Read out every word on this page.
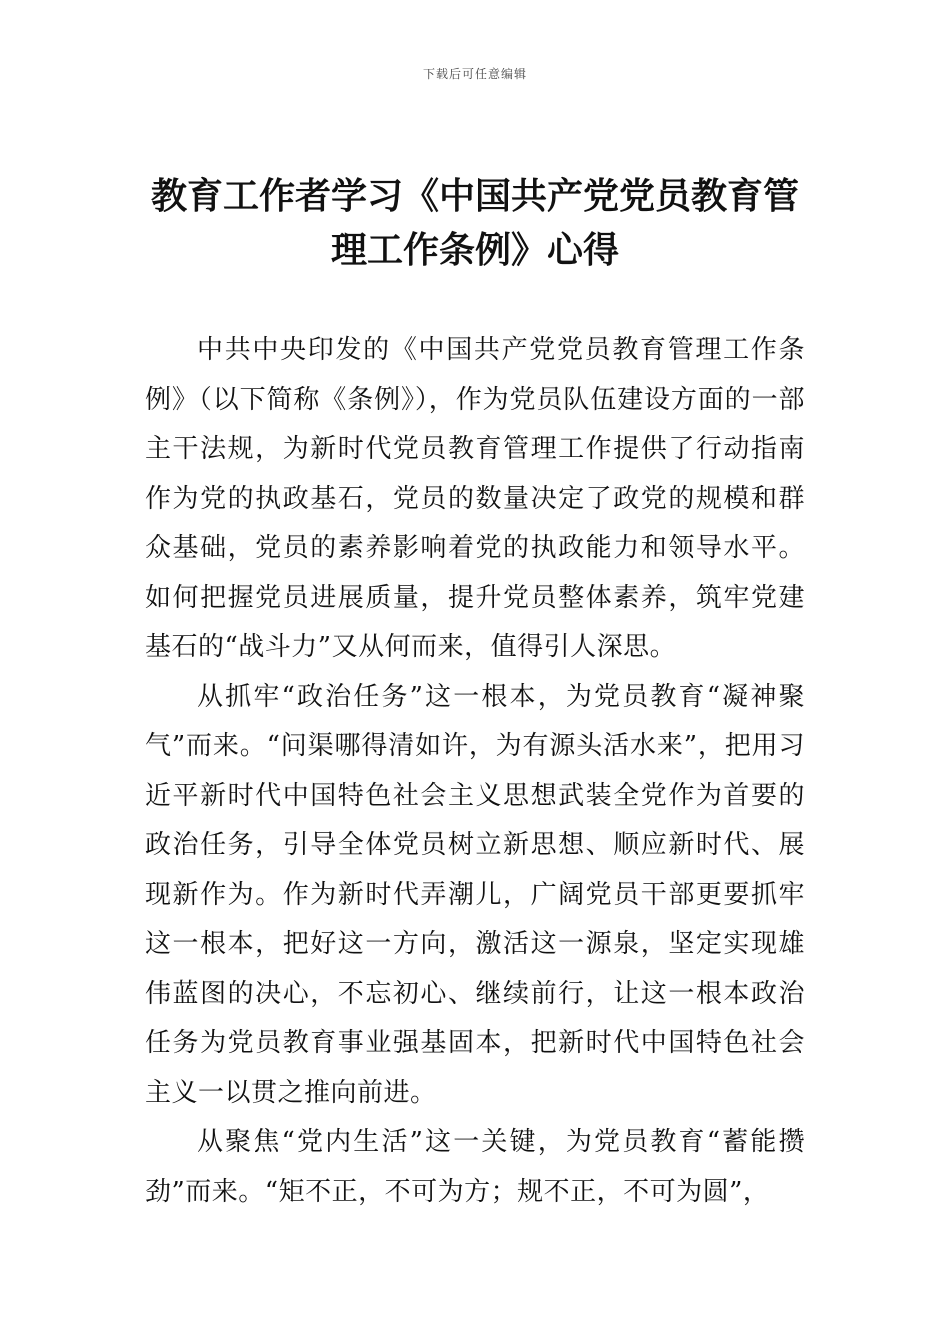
下载后可任意编辑
教育工作者学习《中国共产党党员教育管理工作条例》心得

中共中央印发的《中国共产党党员教育管理工作条例》（以下简称《条例》），作为党员队伍建设方面的一部主干法规，为新时代党员教育管理工作提供了行动指南作为党的执政基石，党员的数量决定了政党的规模和群众基础，党员的素养影响着党的执政能力和领导水平。如何把握党员进展质量，提升党员整体素养，筑牢党建基石的“战斗力”又从何而来，值得引人深思。

从抓牢“政治任务”这一根本，为党员教育“凝神聚气”而来。“问渠哪得清如许，为有源头活水来”，把用习近平新时代中国特色社会主义思想武装全党作为首要的政治任务，引导全体党员树立新思想、顺应新时代、展现新作为。作为新时代弄潮儿，广阔党员干部更要抓牢这一根本，把好这一方向，激活这一源泉，坚定实现雄伟蓝图的决心，不忘初心、继续前行，让这一根本政治任务为党员教育事业强基固本，把新时代中国特色社会主义一以贯之推向前进。

从聚焦“党内生活”这一关键，为党员教育“蓄能攒劲”而来。“矩不正，不可为方；规不正，不可为圆”，
